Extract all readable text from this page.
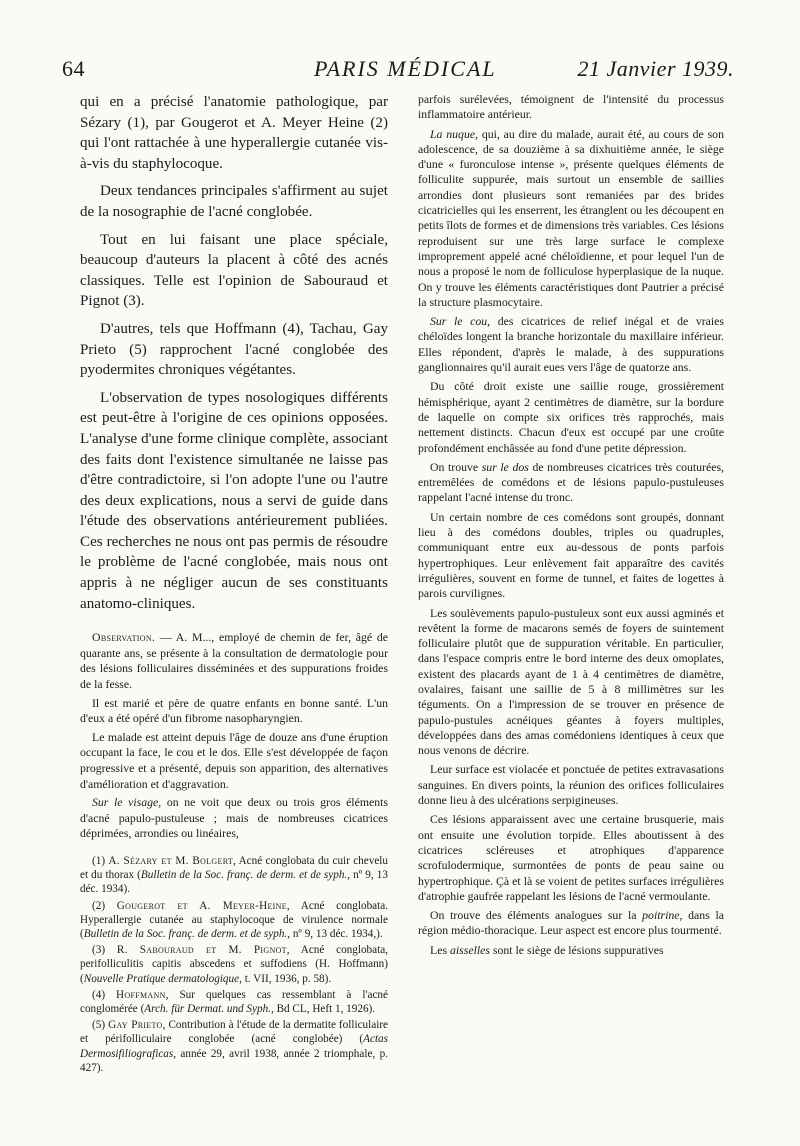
64	PARIS MÉDICAL	21 Janvier 1939.

qui en a précisé l'anatomie pathologique, par Sézary (1), par Gougerot et A. Meyer Heine (2) qui l'ont rattachée à une hyperallergie cutanée vis-à-vis du staphylocoque.

Deux tendances principales s'affirment au sujet de la nosographie de l'acné conglobée.

Tout en lui faisant une place spéciale, beaucoup d'auteurs la placent à côté des acnés classiques. Telle est l'opinion de Sabouraud et Pignot (3).

D'autres, tels que Hoffmann (4), Tachau, Gay Prieto (5) rapprochent l'acné conglobée des pyodermites chroniques végétantes.

L'observation de types nosologiques différents est peut-être à l'origine de ces opinions opposées. L'analyse d'une forme clinique complète, associant des faits dont l'existence simultanée ne laisse pas d'être contradictoire, si l'on adopte l'une ou l'autre des deux explications, nous a servi de guide dans l'étude des observations antérieurement publiées. Ces recherches ne nous ont pas permis de résoudre le problème de l'acné conglobée, mais nous ont appris à ne négliger aucun de ses constituants anatomo-cliniques.

Observation. — A. M..., employé de chemin de fer, âgé de quarante ans, se présente à la consultation de dermatologie pour des lésions folliculaires disséminées et des suppurations froides de la fesse.

Il est marié et père de quatre enfants en bonne santé. L'un d'eux a été opéré d'un fibrome nasopharyngien.

Le malade est atteint depuis l'âge de douze ans d'une éruption occupant la face, le cou et le dos. Elle s'est développée de façon progressive et a présenté, depuis son apparition, des alternatives d'amélioration et d'aggravation.

Sur le visage, on ne voit que deux ou trois gros éléments d'acné papulo-pustuleuse ; mais de nombreuses cicatrices déprimées, arrondies ou linéaires,

(1) A. Sézary et M. Bolgert, Acné conglobata du cuir chevelu et du thorax (Bulletin de la Soc. franç. de derm. et de syph., nº 9, 13 déc. 1934).

(2) Gougerot et A. Meyer-Heine, Acné conglobata. Hyperallergie cutanée au staphylocoque de virulence normale (Bulletin de la Soc. franç. de derm. et de syph., nº 9, 13 déc. 1934,).

(3) R. Sabouraud et M. Pignot, Acné conglobata, perifolliculitis capitis abscedens et suffodiens (H. Hoffmann) (Nouvelle Pratique dermatologique, t. VII, 1936, p. 58).

(4) Hoffmann, Sur quelques cas ressemblant à l'acné conglomérée (Arch. für Dermat. und Syph., Bd CL, Heft 1, 1926).

(5) Gay Prieto, Contribution à l'étude de la dermatite folliculaire et périfolliculaire conglobée (acné conglobée) (Actas Dermosifiliograficas, année 29, avril 1938, année 2 triomphale, p. 427).

parfois surélevées, témoignent de l'intensité du processus inflammatoire antérieur.

La nuque, qui, au dire du malade, aurait été, au cours de son adolescence, de sa douzième à sa dixhuitième année, le siège d'une « furonculose intense », présente quelques éléments de folliculite suppurée, mais surtout un ensemble de saillies arrondies dont plusieurs sont remaniées par des brides cicatricielles qui les enserrent, les étranglent ou les découpent en petits îlots de formes et de dimensions très variables. Ces lésions reproduisent sur une très large surface le complexe improprement appelé acné chéloïdienne, et pour lequel l'un de nous a proposé le nom de folliculose hyperplasique de la nuque. On y trouve les éléments caractéristiques dont Pautrier a précisé la structure plasmocytaire.

Sur le cou, des cicatrices de relief inégal et de vraies chéloïdes longent la branche horizontale du maxillaire inférieur. Elles répondent, d'après le malade, à des suppurations ganglionnaires qu'il aurait eues vers l'âge de quatorze ans.

Du côté droit existe une saillie rouge, grossièrement hémisphérique, ayant 2 centimètres de diamètre, sur la bordure de laquelle on compte six orifices très rapprochés, mais nettement distincts. Chacun d'eux est occupé par une croûte profondément enchâssée au fond d'une petite dépression.

On trouve sur le dos de nombreuses cicatrices très couturées, entremêlées de comédons et de lésions papulo-pustuleuses rappelant l'acné intense du tronc.

Un certain nombre de ces comédons sont groupés, donnant lieu à des comédons doubles, triples ou quadruples, communiquant entre eux au-dessous de ponts parfois hypertrophiques. Leur enlèvement fait apparaître des cavités irrégulières, souvent en forme de tunnel, et faites de logettes à parois curvilignes.

Les soulèvements papulo-pustuleux sont eux aussi agminés et revêtent la forme de macarons semés de foyers de suintement folliculaire plutôt que de suppuration véritable. En particulier, dans l'espace compris entre le bord interne des deux omoplates, existent des placards ayant de 1 à 4 centimètres de diamètre, ovalaires, faisant une saillie de 5 à 8 millimètres sur les téguments. On a l'impression de se trouver en présence de papulo-pustules acnéiques géantes à foyers multiples, développées dans des amas comédoniens identiques à ceux que nous venons de décrire.

Leur surface est violacée et ponctuée de petites extravasations sanguines. En divers points, la réunion des orifices folliculaires donne lieu à des ulcérations serpigineuses.

Ces lésions apparaissent avec une certaine brusquerie, mais ont ensuite une évolution torpide. Elles aboutissent à des cicatrices scléreuses et atrophiques d'apparence scrofulodermique, surmontées de ponts de peau saine ou hypertrophique. Çà et là se voient de petites surfaces irrégulières d'atrophie gaufrée rappelant les lésions de l'acné vermoulante.

On trouve des éléments analogues sur la poitrine, dans la région médio-thoracique. Leur aspect est encore plus tourmenté.

Les aisselles sont le siège de lésions suppuratives
